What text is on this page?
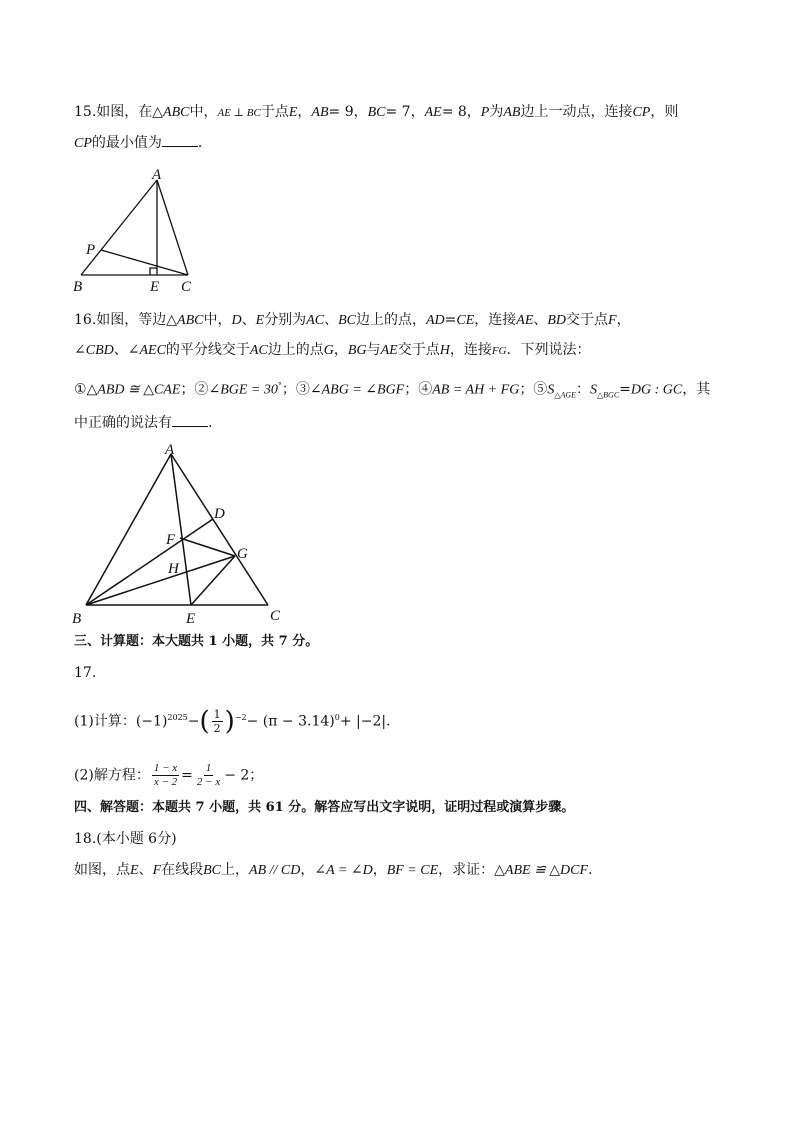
15.如图，在△ABC中，AE ⊥ BC于点E，AB= 9，BC= 7，AE= 8，P为AB边上一动点，连接CP，则
CP的最小值为	.
A
P
B	E C
16.如图，等边△ABC中，D、E分别为AC、BC边上的点，AD=CE，连接AE、BD交于点F，
∠CBD、∠AEC的平分线交于AC边上的点G，BG与AE交于点H，连接FG．下列说法：
①△ABD ≅ △CAE；②∠BGE = 30°；③∠ABG = ∠BGF；④AB = AH + FG；$⑤S_{\triangle AGE}$：$S_{\triangle BGC}=DG$ : GC，其
中正确的说法有	.
A
D
F
G
H
B	E	C
三、计算题：本大题共 1 小题，共 7 分。
17.
(1)计算：$(-1)^{2025}-( \frac{1}{2} )^{-2}- (\pi - 3.14)^0+ |-2|$.
(2)解方程： $\frac{1 - x}{x - 2} = \frac{1}{2 - x} - 2$；
四、解答题：本题共 7 小题，共 61 分。解答应写出文字说明，证明过程或演算步骤。
18.(本小题 6分)
如图，点E、F在线段BC上，AB // CD，∠A = ∠D，BF = CE，求证：△ABE ≌ △DCF.
